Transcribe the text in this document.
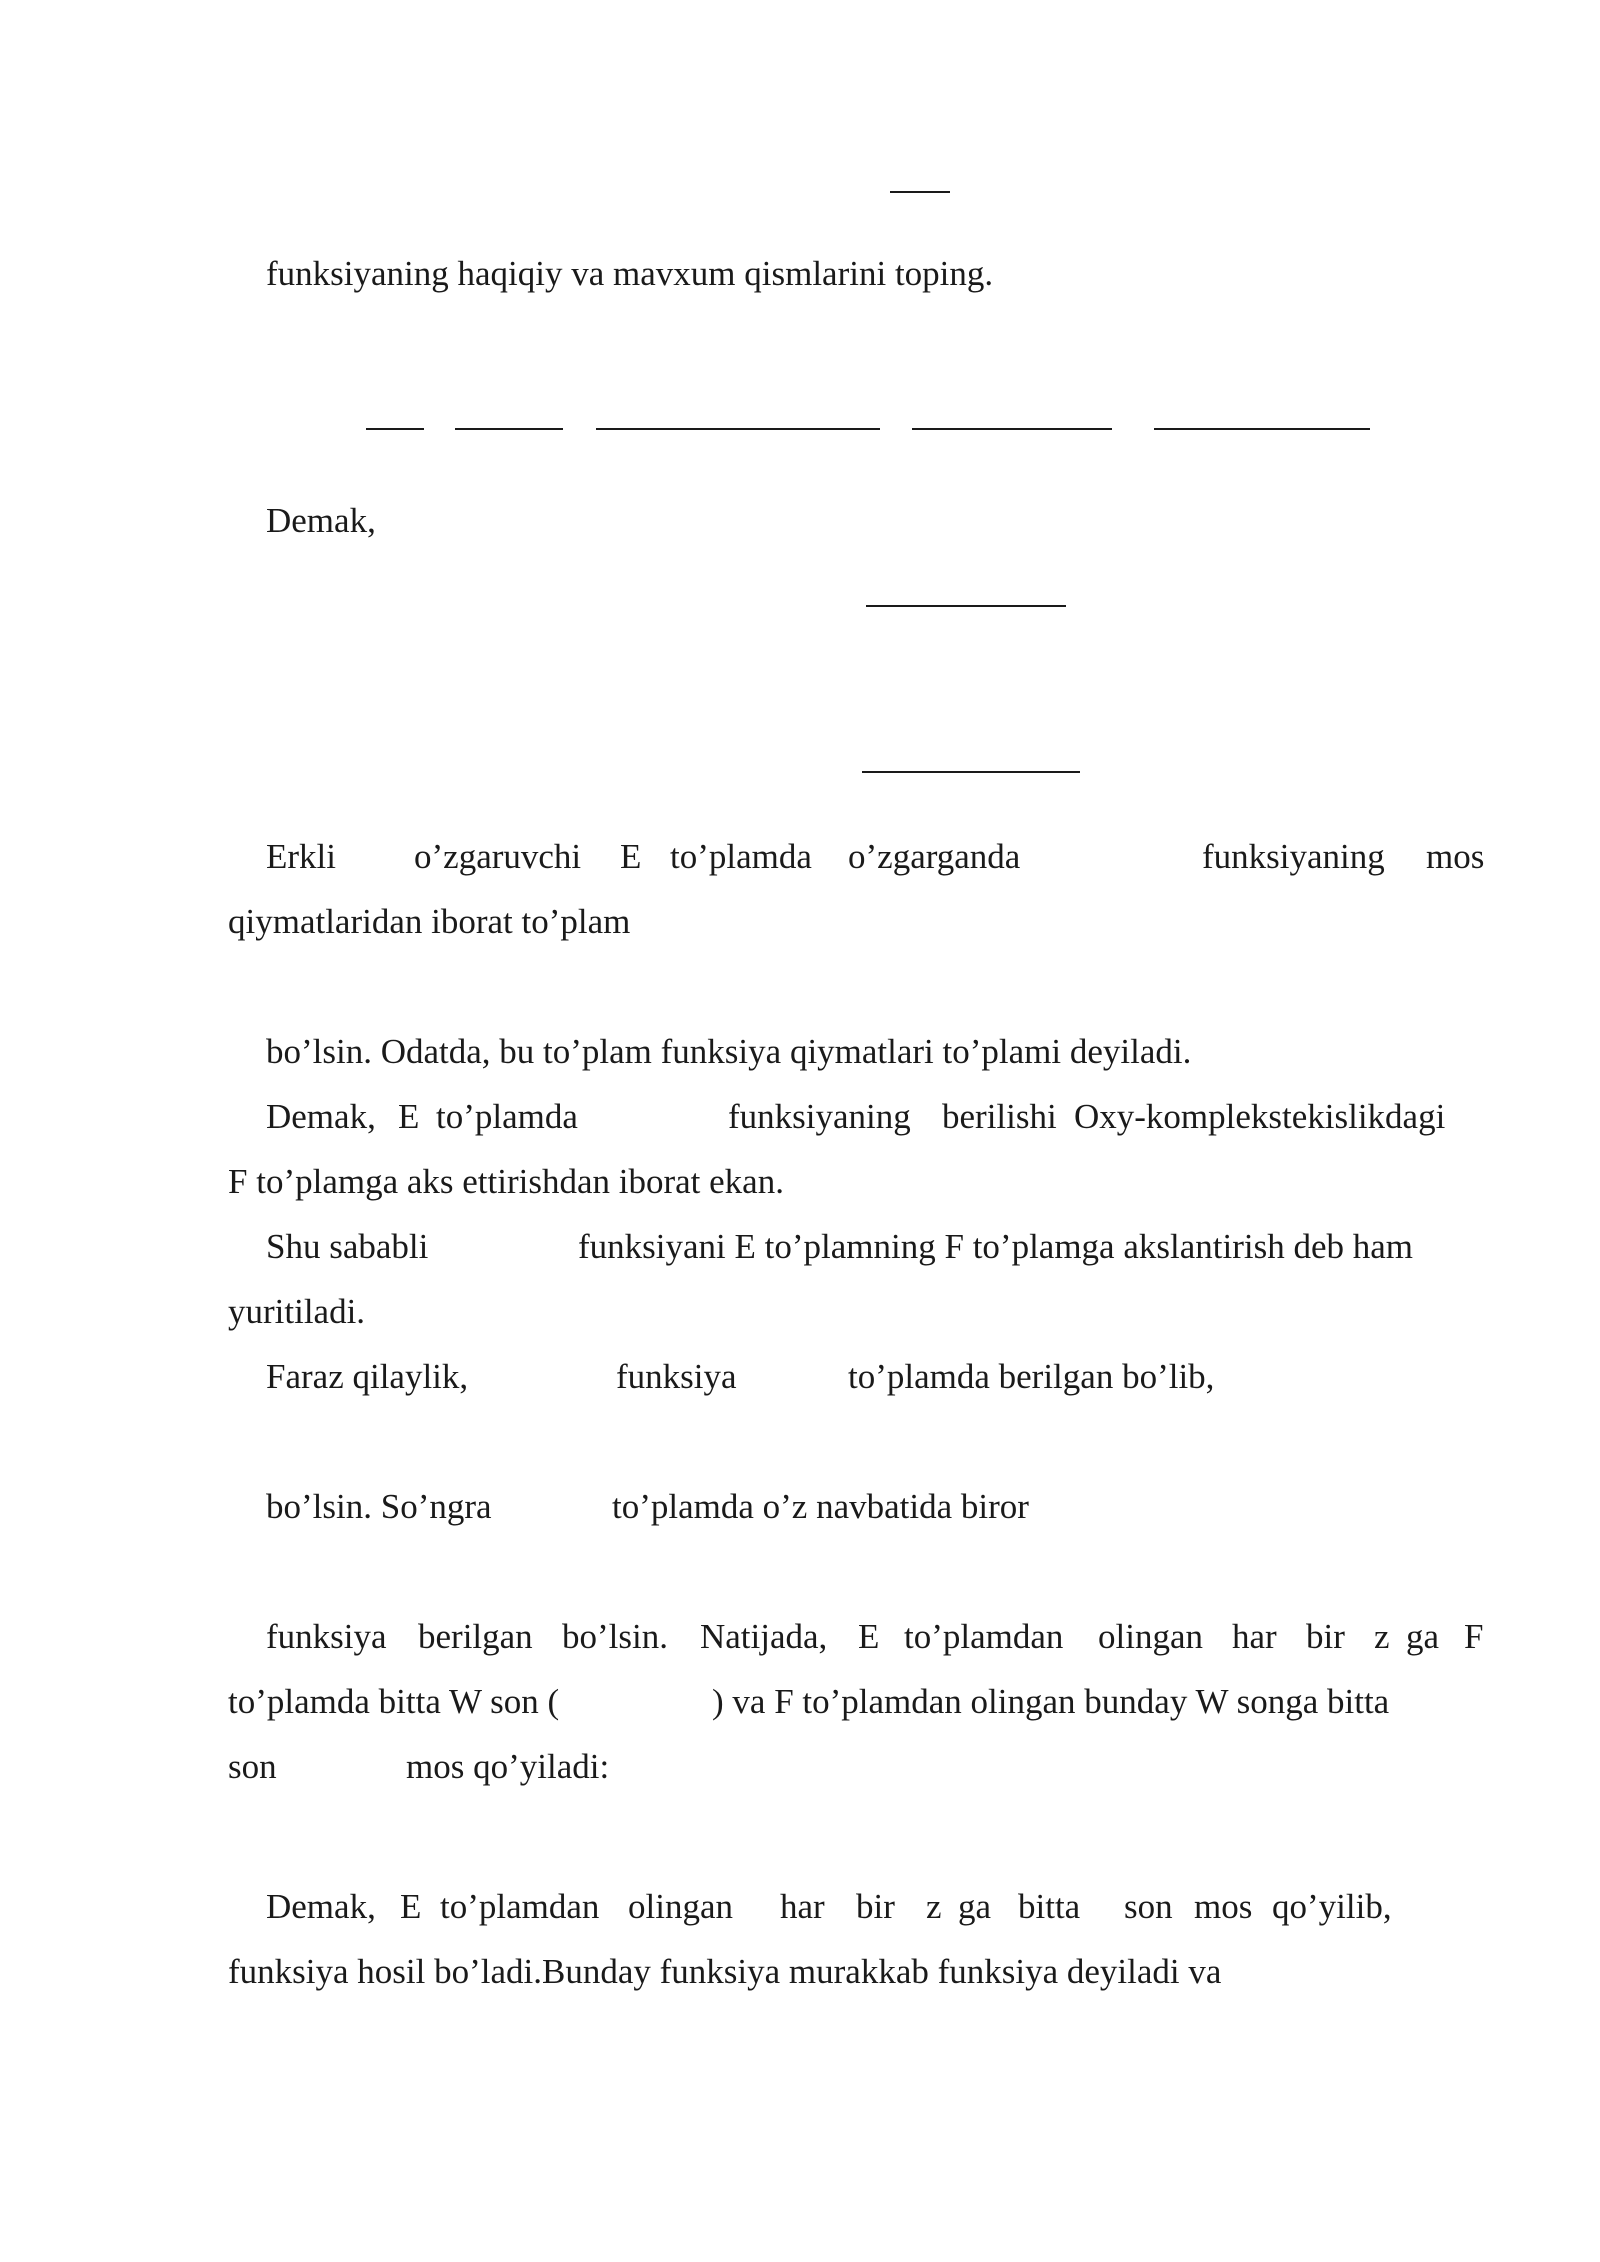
funksiyaning haqiqiy va mavxum qismlarini toping.
Demak,
Erkli o’zgaruvchi E to’plamda o’zgarganda	funksiyaning mos
qiymatlaridan iborat to’plam
bo’lsin. Odatda, bu to’plam funksiya qiymatlari to’plami deyiladi.
Demak, E to’plamda	funksiyaning berilishi Oxy-kompleks tekislikdagi
F to’plamga aks ettirishdan iborat ekan.
Shu sababli	funksiyani E to’plamning F to’plamga akslantirish deb ham
yuritiladi.
Faraz qilaylik,	funksiya	to’plamda berilgan bo’lib,
bo’lsin. So’ngra	to’plamda o’z navbatida biror
funksiya berilgan bo’lsin. Natijada, E to’plamdan olingan har bir z ga F
to’plamda bitta W son (	) va F to’plamdan olingan bunday W songa bitta
son	mos qo’yiladi:
Demak, E to’plamdan olingan har bir z ga bitta son mos qo’yilib,
funksiya hosil bo’ladi.Bunday funksiya murakkab funksiya deyiladi va
